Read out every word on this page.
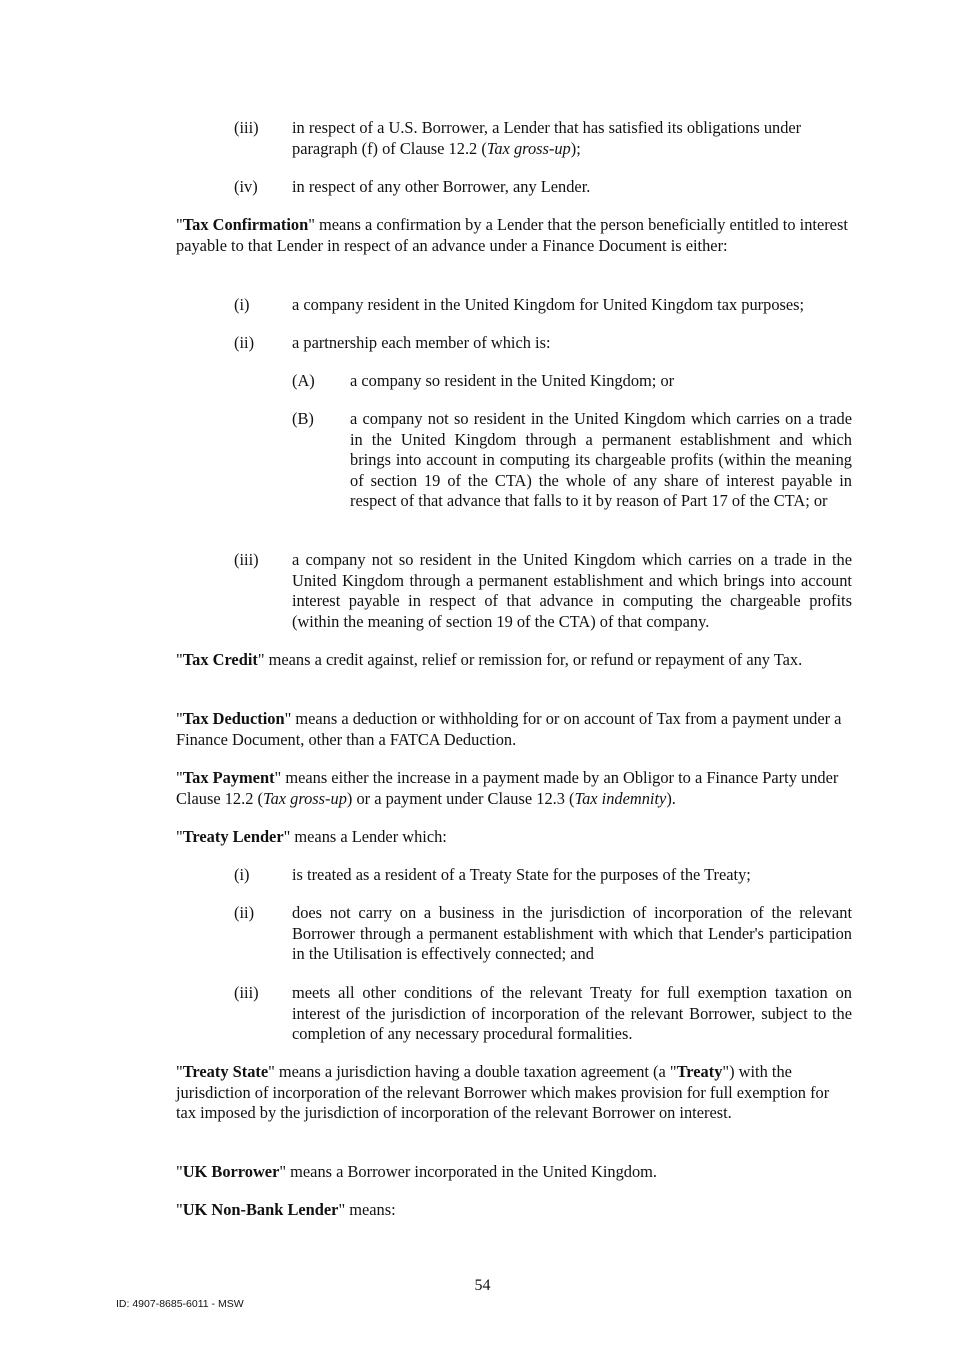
(iii) in respect of a U.S. Borrower, a Lender that has satisfied its obligations under paragraph (f) of Clause 12.2 (Tax gross-up);
(iv) in respect of any other Borrower, any Lender.

"Tax Confirmation" means a confirmation by a Lender that the person beneficially entitled to interest payable to that Lender in respect of an advance under a Finance Document is either:

(i)	a company resident in the United Kingdom for United Kingdom tax purposes;
(ii) a partnership each member of which is:
(A) a company so resident in the United Kingdom; or
(B) a company not so resident in the United Kingdom which carries on a trade in the United Kingdom through a permanent establishment and which brings into account in computing its chargeable profits (within the meaning of section 19 of the CTA) the whole of any share of interest payable in respect of that advance that falls to it by reason of Part 17 of the CTA; or
(iii) a company not so resident in the United Kingdom which carries on a trade in the United Kingdom through a permanent establishment and which brings into account interest payable in respect of that advance in computing the chargeable profits (within the meaning of section 19 of the CTA) of that company.

"Tax Credit" means a credit against, relief or remission for, or refund or repayment of any Tax.

"Tax Deduction" means a deduction or withholding for or on account of Tax from a payment under a Finance Document, other than a FATCA Deduction.

"Tax Payment" means either the increase in a payment made by an Obligor to a Finance Party under Clause 12.2 (Tax gross-up) or a payment under Clause 12.3 (Tax indemnity).

"Treaty Lender" means a Lender which:

(i)	is treated as a resident of a Treaty State for the purposes of the Treaty;
(ii) does not carry on a business in the jurisdiction of incorporation of the relevant Borrower through a permanent establishment with which that Lender's participation in the Utilisation is effectively connected; and
(iii) meets all other conditions of the relevant Treaty for full exemption taxation on interest of the jurisdiction of incorporation of the relevant Borrower, subject to the completion of any necessary procedural formalities.

"Treaty State" means a jurisdiction having a double taxation agreement (a "Treaty") with the jurisdiction of incorporation of the relevant Borrower which makes provision for full exemption for tax imposed by the jurisdiction of incorporation of the relevant Borrower on interest.

"UK Borrower" means a Borrower incorporated in the United Kingdom.

"UK Non-Bank Lender" means:

54
ID: 4907-8685-6011 - MSW
